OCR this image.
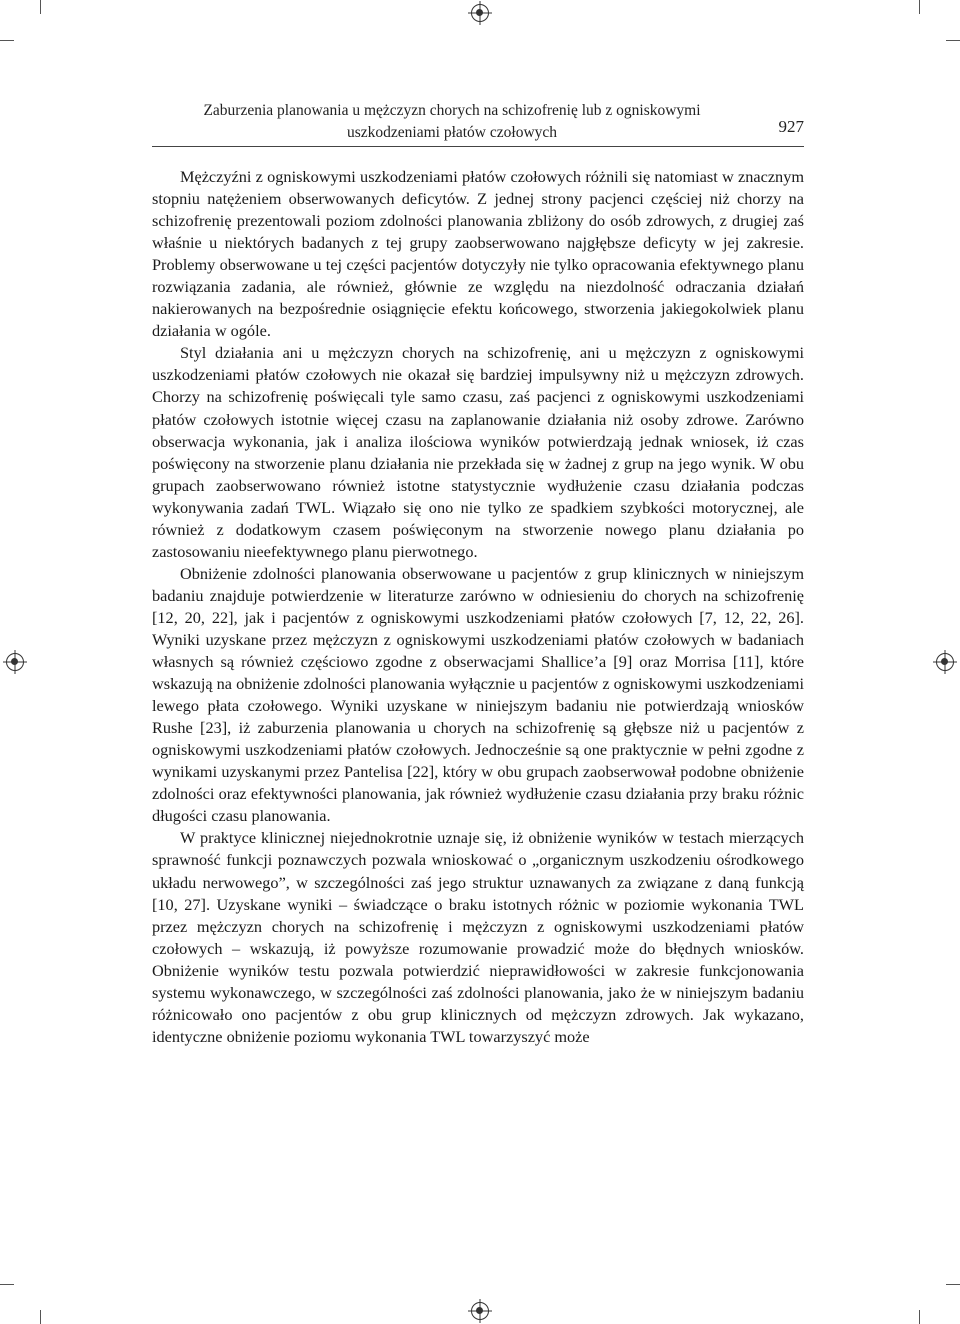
Zaburzenia planowania u mężczyzn chorych na schizofrenię lub z ogniskowymi
uszkodzeniami płatów czołowych	927

Mężczyźni z ogniskowymi uszkodzeniami płatów czołowych różnili się natomiast w znacznym stopniu natężeniem obserwowanych deficytów. Z jednej strony pacjenci częściej niż chorzy na schizofrenię prezentowali poziom zdolności planowania zbliżony do osób zdrowych, z drugiej zaś właśnie u niektórych badanych z tej grupy zaobserwowano najgłębsze deficyty w jej zakresie. Problemy obserwowane u tej części pacjentów dotyczyły nie tylko opracowania efektywnego planu rozwiązania zadania, ale również, głównie ze względu na niezdolność odraczania działań nakierowanych na bezpośrednie osiągnięcie efektu końcowego, stworzenia jakiegokolwiek planu działania w ogóle.

Styl działania ani u mężczyzn chorych na schizofrenię, ani u mężczyzn z ogniskowymi uszkodzeniami płatów czołowych nie okazał się bardziej impulsywny niż u mężczyzn zdrowych. Chorzy na schizofrenię poświęcali tyle samo czasu, zaś pacjenci z ogniskowymi uszkodzeniami płatów czołowych istotnie więcej czasu na zaplanowanie działania niż osoby zdrowe. Zarówno obserwacja wykonania, jak i analiza ilościowa wyników potwierdzają jednak wniosek, iż czas poświęcony na stworzenie planu działania nie przekłada się w żadnej z grup na jego wynik. W obu grupach zaobserwowano również istotne statystycznie wydłużenie czasu działania podczas wykonywania zadań TWL. Wiązało się ono nie tylko ze spadkiem szybkości motorycznej, ale również z dodatkowym czasem poświęconym na stworzenie nowego planu działania po zastosowaniu nieefektywnego planu pierwotnego.

Obniżenie zdolności planowania obserwowane u pacjentów z grup klinicznych w niniejszym badaniu znajduje potwierdzenie w literaturze zarówno w odniesieniu do chorych na schizofrenię [12, 20, 22], jak i pacjentów z ogniskowymi uszkodzeniami płatów czołowych [7, 12, 22, 26]. Wyniki uzyskane przez mężczyzn z ogniskowymi uszkodzeniami płatów czołowych w badaniach własnych są również częściowo zgodne z obserwacjami Shallice’a [9] oraz Morrisa [11], które wskazują na obniżenie zdolności planowania wyłącznie u pacjentów z ogniskowymi uszkodzeniami lewego płata czołowego. Wyniki uzyskane w niniejszym badaniu nie potwierdzają wniosków Rushe [23], iż zaburzenia planowania u chorych na schizofrenię są głębsze niż u pacjentów z ogniskowymi uszkodzeniami płatów czołowych. Jednocześnie są one praktycznie w pełni zgodne z wynikami uzyskanymi przez Pantelisa [22], który w obu grupach zaobserwował podobne obniżenie zdolności oraz efektywności planowania, jak również wydłużenie czasu działania przy braku różnic długości czasu planowania.

W praktyce klinicznej niejednokrotnie uznaje się, iż obniżenie wyników w testach mierzących sprawność funkcji poznawczych pozwala wnioskować o „organicznym uszkodzeniu ośrodkowego układu nerwowego”, w szczególności zaś jego struktur uznawanych za związane z daną funkcją [10, 27]. Uzyskane wyniki – świadczące o braku istotnych różnic w poziomie wykonania TWL przez mężczyzn chorych na schizofrenię i mężczyzn z ogniskowymi uszkodzeniami płatów czołowych – wskazują, iż powyższe rozumowanie prowadzić może do błędnych wniosków. Obniżenie wyników testu pozwala potwierdzić nieprawidłowości w zakresie funkcjonowania systemu wykonawczego, w szczególności zaś zdolności planowania, jako że w niniejszym badaniu różnicowało ono pacjentów z obu grup klinicznych od mężczyzn zdrowych. Jak wykazano, identyczne obniżenie poziomu wykonania TWL towarzyszyć może
